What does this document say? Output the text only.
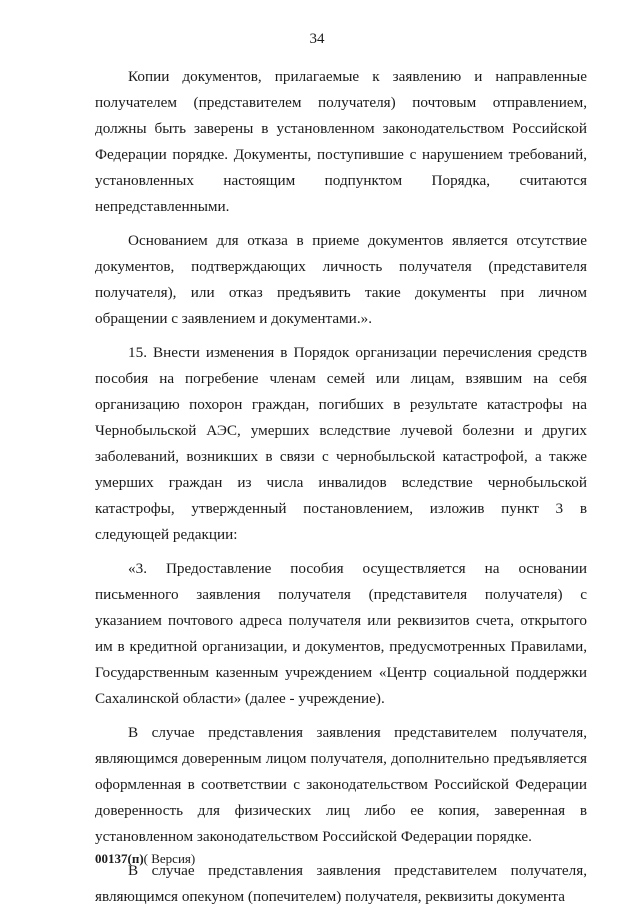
34

Копии документов, прилагаемые к заявлению и направленные получателем (представителем получателя) почтовым отправлением, должны быть заверены в установленном законодательством Российской Федерации порядке. Документы, поступившие с нарушением требований, установленных настоящим подпунктом Порядка, считаются непредставленными.

Основанием для отказа в приеме документов является отсутствие документов, подтверждающих личность получателя (представителя получателя), или отказ предъявить такие документы при личном обращении с заявлением и документами.».

15. Внести изменения в Порядок организации перечисления средств пособия на погребение членам семей или лицам, взявшим на себя организацию похорон граждан, погибших в результате катастрофы на Чернобыльской АЭС, умерших вследствие лучевой болезни и других заболеваний, возникших в связи с чернобыльской катастрофой, а также умерших граждан из числа инвалидов вследствие чернобыльской катастрофы, утвержденный постановлением, изложив пункт 3 в следующей редакции:

«3. Предоставление пособия осуществляется на основании письменного заявления получателя (представителя получателя) с указанием почтового адреса получателя или реквизитов счета, открытого им в кредитной организации, и документов, предусмотренных Правилами, Государственным казенным учреждением «Центр социальной поддержки Сахалинской области» (далее - учреждение).

В случае представления заявления представителем получателя, являющимся доверенным лицом получателя, дополнительно предъявляется оформленная в соответствии с законодательством Российской Федерации доверенность для физических лиц либо ее копия, заверенная в установленном законодательством Российской Федерации порядке.

В случае представления заявления представителем получателя, являющимся опекуном (попечителем) получателя, реквизиты документа

00137(п)( Версия)
